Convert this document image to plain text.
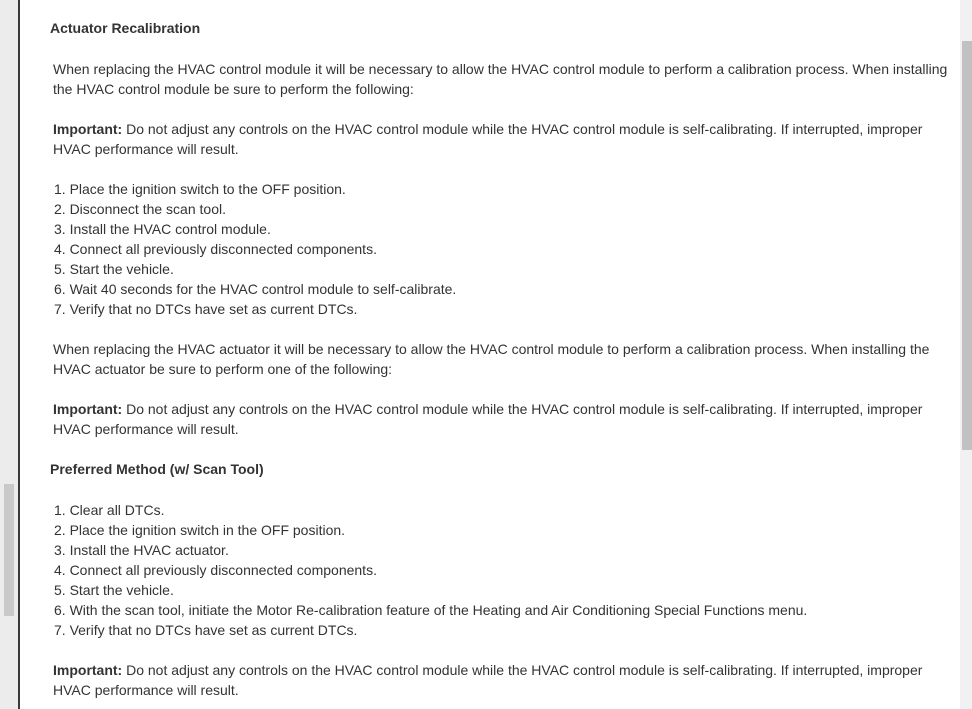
Actuator Recalibration

When replacing the HVAC control module it will be necessary to allow the HVAC control module to perform a calibration process. When installing the HVAC control module be sure to perform the following:

Important: Do not adjust any controls on the HVAC control module while the HVAC control module is self-calibrating. If interrupted, improper HVAC performance will result.

1. Place the ignition switch to the OFF position.
2. Disconnect the scan tool.
3. Install the HVAC control module.
4. Connect all previously disconnected components.
5. Start the vehicle.
6. Wait 40 seconds for the HVAC control module to self-calibrate.
7. Verify that no DTCs have set as current DTCs.

When replacing the HVAC actuator it will be necessary to allow the HVAC control module to perform a calibration process. When installing the HVAC actuator be sure to perform one of the following:

Important: Do not adjust any controls on the HVAC control module while the HVAC control module is self-calibrating. If interrupted, improper HVAC performance will result.

Preferred Method (w/ Scan Tool)

1. Clear all DTCs.
2. Place the ignition switch in the OFF position.
3. Install the HVAC actuator.
4. Connect all previously disconnected components.
5. Start the vehicle.
6. With the scan tool, initiate the Motor Re-calibration feature of the Heating and Air Conditioning Special Functions menu.
7. Verify that no DTCs have set as current DTCs.

Important: Do not adjust any controls on the HVAC control module while the HVAC control module is self-calibrating. If interrupted, improper HVAC performance will result.
